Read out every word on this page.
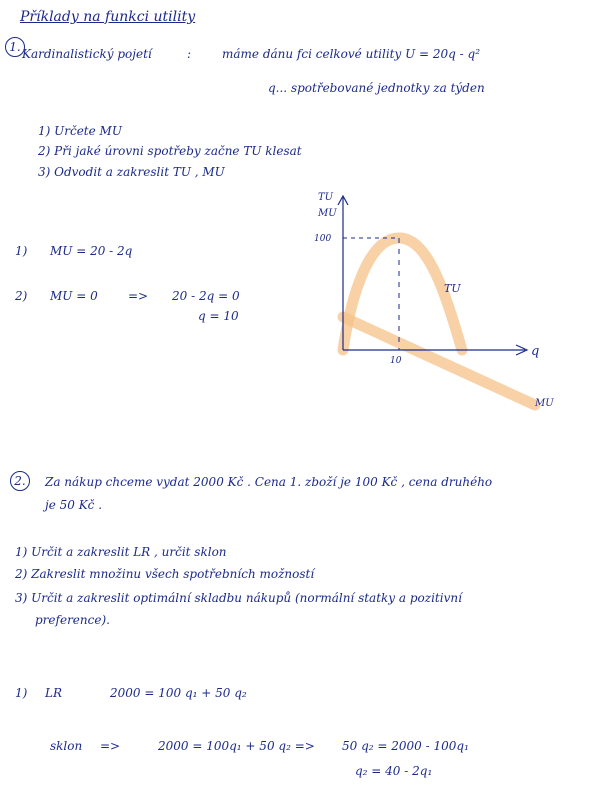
Příklady na funkci utility
1. Kardinalistický pojetí	:	máme dánu fci celkové utility U = 20q - q²
q... spotřebované jednotky za týden
1) Určete MU
2) Při jaké úrovni spotřeby začne TU klesat
3) Odvodit a zakreslit TU , MU
1) MU = 20 - 2q
2) MU = 0	=> 20 - 2q = 0
q = 10
TU
MU
100
10
q
TU
MU
2.	Za nákup chceme vydat 2000 Kč . Cena 1. zboží je 100 Kč , cena druhého
je 50 Kč .
1) Určit a zakreslit LR , určit sklon
2) Zakreslit množinu všech spotřebních možností
3) Určit a zakreslit optimální skladbu nákupů (normální statky a pozitivní
preference).
1) LR	2000 = 100 q₁ + 50 q₂
sklon =>	2000 = 100q₁ + 50 q₂ => 50 q₂ = 2000 - 100q₁
q₂ = 40 - 2q₁
